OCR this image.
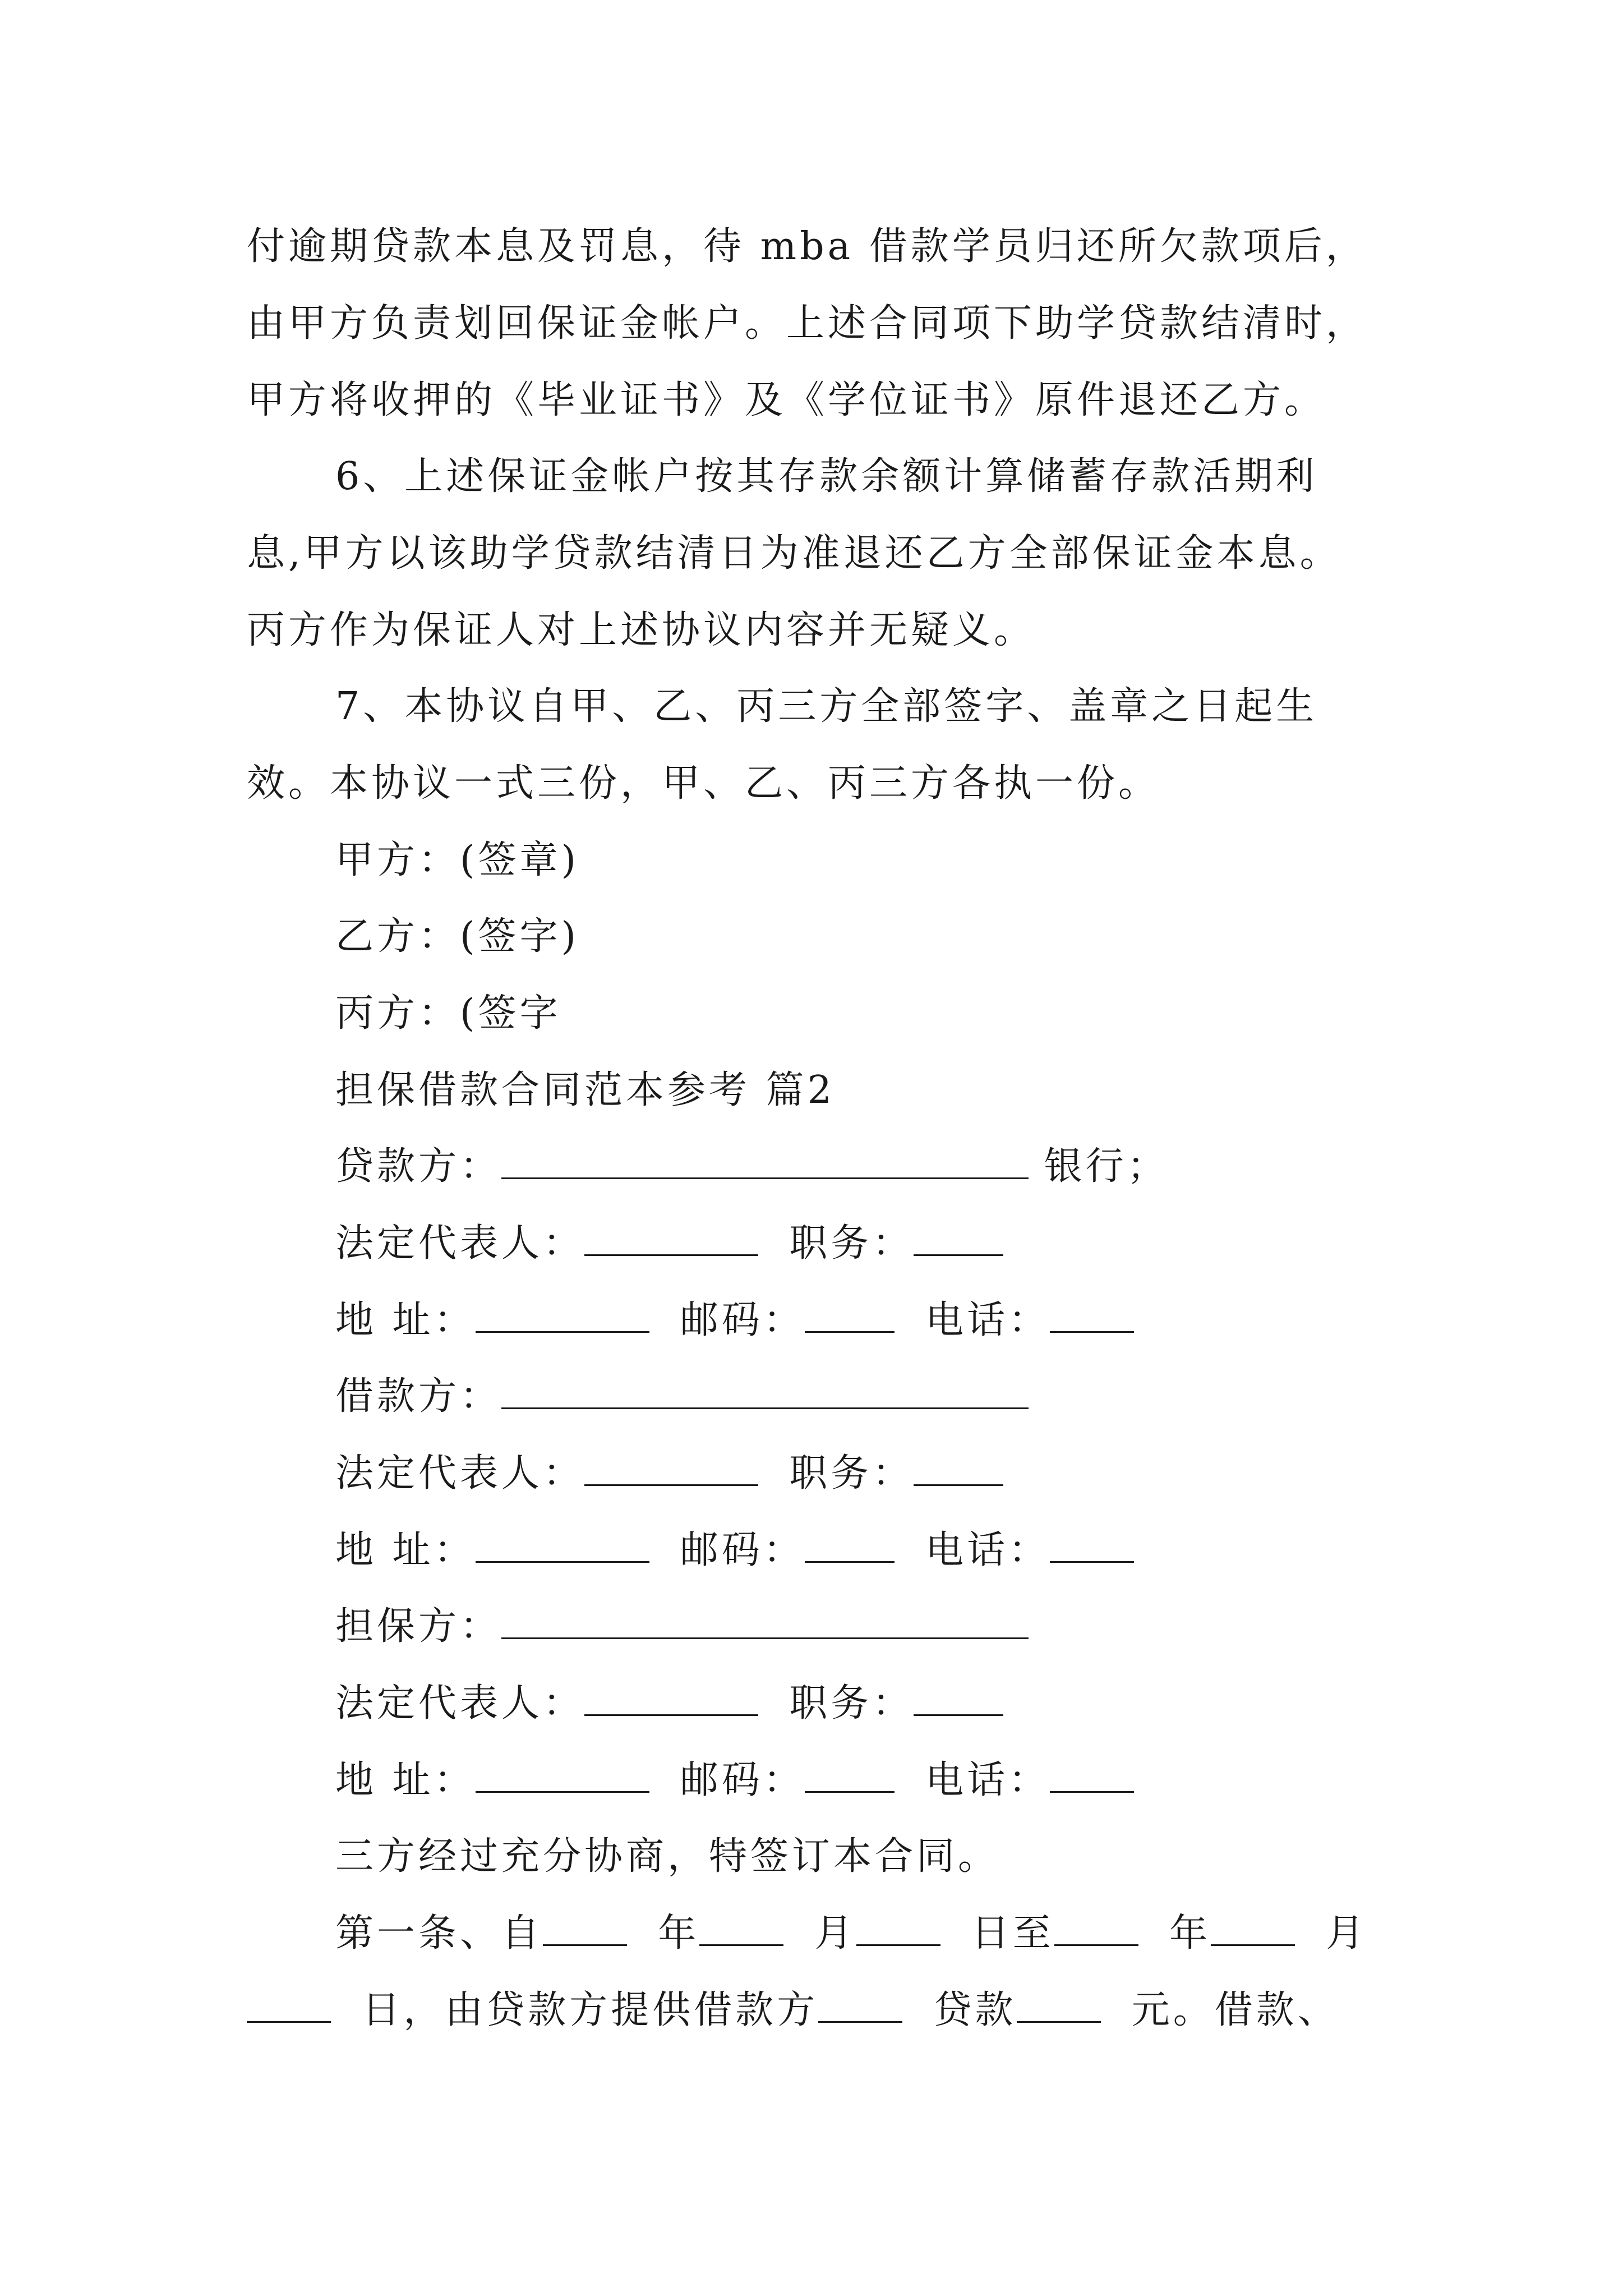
付逾期贷款本息及罚息，待 mba 借款学员归还所欠款项后，
由甲方负责划回保证金帐户。上述合同项下助学贷款结清时，
甲方将收押的《毕业证书》及《学位证书》原件退还乙方。
6、上述保证金帐户按其存款余额计算储蓄存款活期利
息,甲方以该助学贷款结清日为准退还乙方全部保证金本息。
丙方作为保证人对上述协议内容并无疑义。
7、本协议自甲、乙、丙三方全部签字、盖章之日起生
效。本协议一式三份，甲、乙、丙三方各执一份。
甲方：(签章)
乙方：(签字)
丙方：(签字
担保借款合同范本参考 篇2
贷款方：	银行；
法定代表人：	职务：
地 址：	邮码：	电话：
借款方：
法定代表人：	职务：
地 址：	邮码：	电话：
担保方：
法定代表人：	职务：
地 址：	邮码：	电话：
三方经过充分协商，特签订本合同。
第一条、自	年	月	日至	年	月
日，由贷款方提供借款方	贷款	元。借款、
